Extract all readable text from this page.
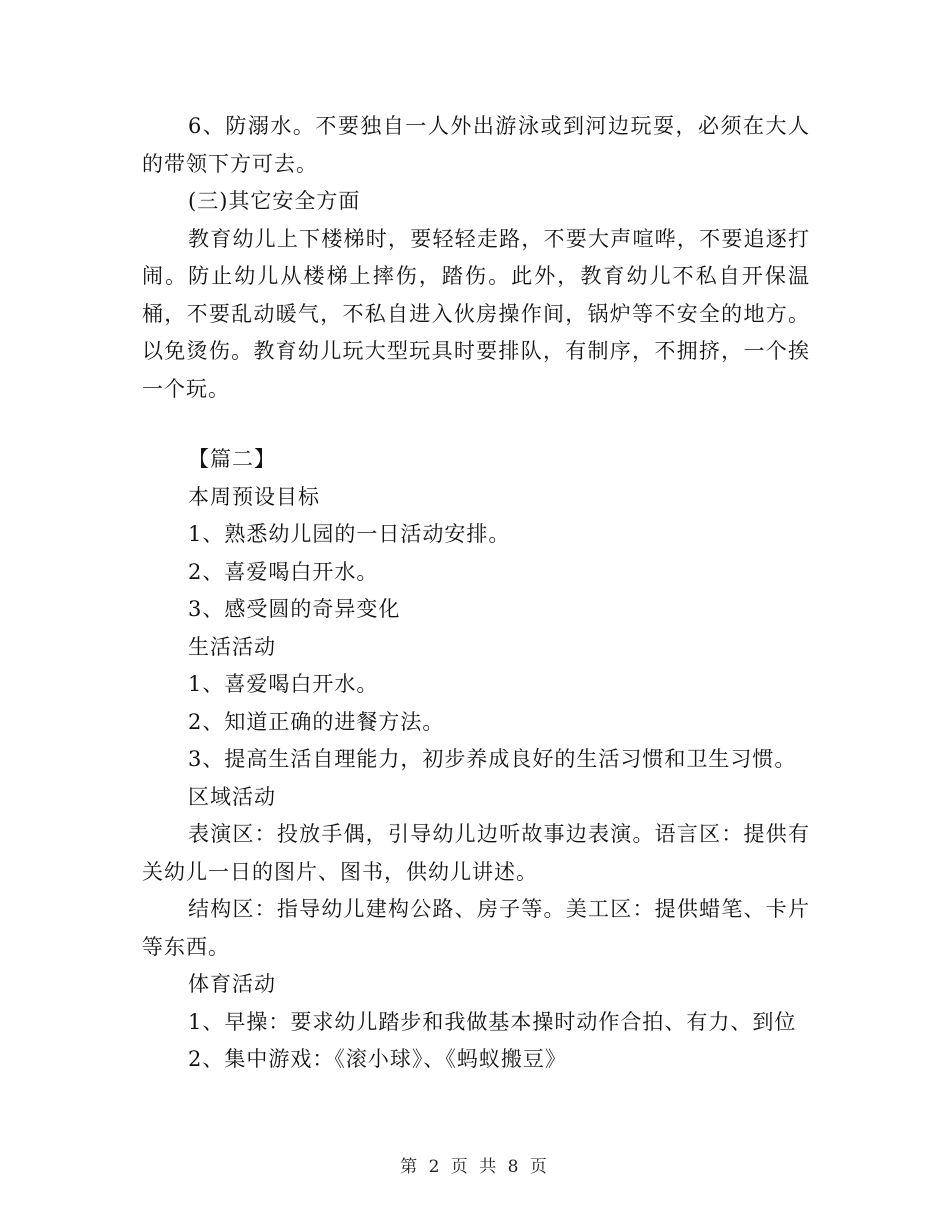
6、防溺水。不要独自一人外出游泳或到河边玩耍，必须在大人的带领下方可去。

(三)其它安全方面

教育幼儿上下楼梯时，要轻轻走路，不要大声喧哗，不要追逐打闹。防止幼儿从楼梯上摔伤，踏伤。此外，教育幼儿不私自开保温桶，不要乱动暖气，不私自进入伙房操作间，锅炉等不安全的地方。以免烫伤。教育幼儿玩大型玩具时要排队，有制序，不拥挤，一个挨一个玩。

【篇二】

本周预设目标

1、熟悉幼儿园的一日活动安排。

2、喜爱喝白开水。

3、感受圆的奇异变化

生活活动

1、喜爱喝白开水。

2、知道正确的进餐方法。

3、提高生活自理能力，初步养成良好的生活习惯和卫生习惯。

区域活动

表演区：投放手偶，引导幼儿边听故事边表演。语言区：提供有关幼儿一日的图片、图书，供幼儿讲述。

结构区：指导幼儿建构公路、房子等。美工区：提供蜡笔、卡片等东西。

体育活动

1、早操：要求幼儿踏步和我做基本操时动作合拍、有力、到位

2、集中游戏：《滚小球》、《蚂蚁搬豆》

第 2 页 共 8 页
